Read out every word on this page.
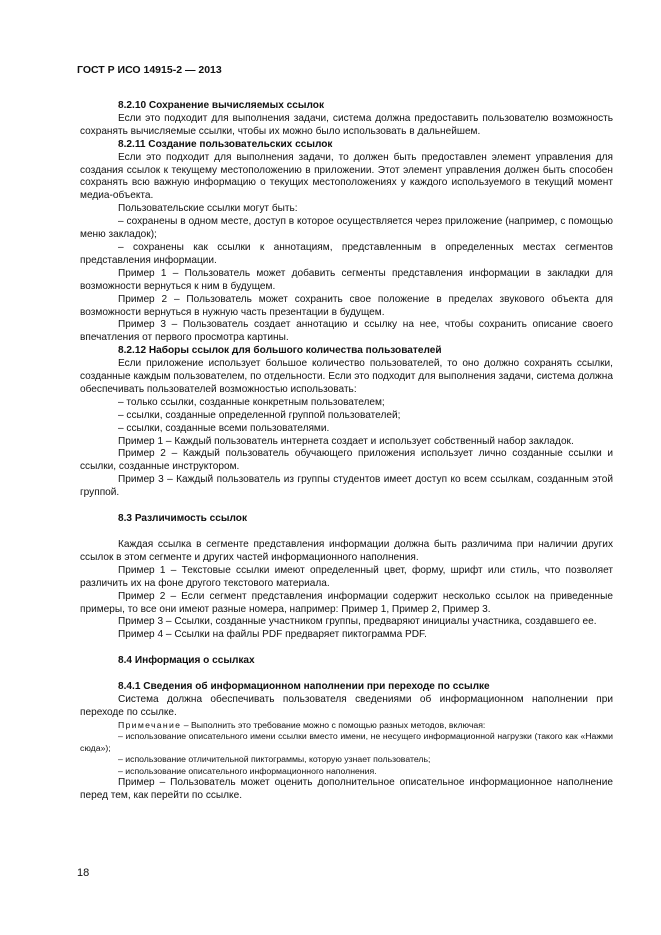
ГОСТ Р ИСО 14915-2 — 2013

8.2.10 Сохранение вычисляемых ссылок

Если это подходит для выполнения задачи, система должна предоставить пользователю возможность сохранять вычисляемые ссылки, чтобы их можно было использовать в дальнейшем.

8.2.11 Создание пользовательских ссылок

Если это подходит для выполнения задачи, то должен быть предоставлен элемент управления для создания ссылок к текущему местоположению в приложении. Этот элемент управления должен быть способен сохранять всю важную информацию о текущих местоположениях у каждого используемого в текущий момент медиа-объекта.

Пользовательские ссылки могут быть:

– сохранены в одном месте, доступ в которое осуществляется через приложение (например, с помощью меню закладок);

– сохранены как ссылки к аннотациям, представленным в определенных местах сегментов представления информации.

Пример 1 – Пользователь может добавить сегменты представления информации в закладки для возможности вернуться к ним в будущем.

Пример 2 – Пользователь может сохранить свое положение в пределах звукового объекта для возможности вернуться в нужную часть презентации в будущем.

Пример 3 – Пользователь создает аннотацию и ссылку на нее, чтобы сохранить описание своего впечатления от первого просмотра картины.

8.2.12 Наборы ссылок для большого количества пользователей

Если приложение использует большое количество пользователей, то оно должно сохранять ссылки, созданные каждым пользователем, по отдельности. Если это подходит для выполнения задачи, система должна обеспечивать пользователей возможностью использовать:

– только ссылки, созданные конкретным пользователем;

– ссылки, созданные определенной группой пользователей;

– ссылки, созданные всеми пользователями.

Пример 1 – Каждый пользователь интернета создает и использует собственный набор закладок.

Пример 2 – Каждый пользователь обучающего приложения использует лично созданные ссылки и ссылки, созданные инструктором.

Пример 3 – Каждый пользователь из группы студентов имеет доступ ко всем ссылкам, созданным этой группой.

8.3 Различимость ссылок

Каждая ссылка в сегменте представления информации должна быть различима при наличии других ссылок в этом сегменте и других частей информационного наполнения.

Пример 1 – Текстовые ссылки имеют определенный цвет, форму, шрифт или стиль, что позволяет различить их на фоне другого текстового материала.

Пример 2 – Если сегмент представления информации содержит несколько ссылок на приведенные примеры, то все они имеют разные номера, например: Пример 1, Пример 2, Пример 3.

Пример 3 – Ссылки, созданные участником группы, предваряют инициалы участника, создавшего ее.

Пример 4 – Ссылки на файлы PDF предваряет пиктограмма PDF.

8.4 Информация о ссылках

8.4.1 Сведения об информационном наполнении при переходе по ссылке

Система должна обеспечивать пользователя сведениями об информационном наполнении при переходе по ссылке.

Примечание – Выполнить это требование можно с помощью разных методов, включая:

– использование описательного имени ссылки вместо имени, не несущего информационной нагрузки (такого как «Нажми сюда»);

– использование отличительной пиктограммы, которую узнает пользователь;

– использование описательного информационного наполнения.

Пример – Пользователь может оценить дополнительное описательное информационное наполнение перед тем, как перейти по ссылке.

18
